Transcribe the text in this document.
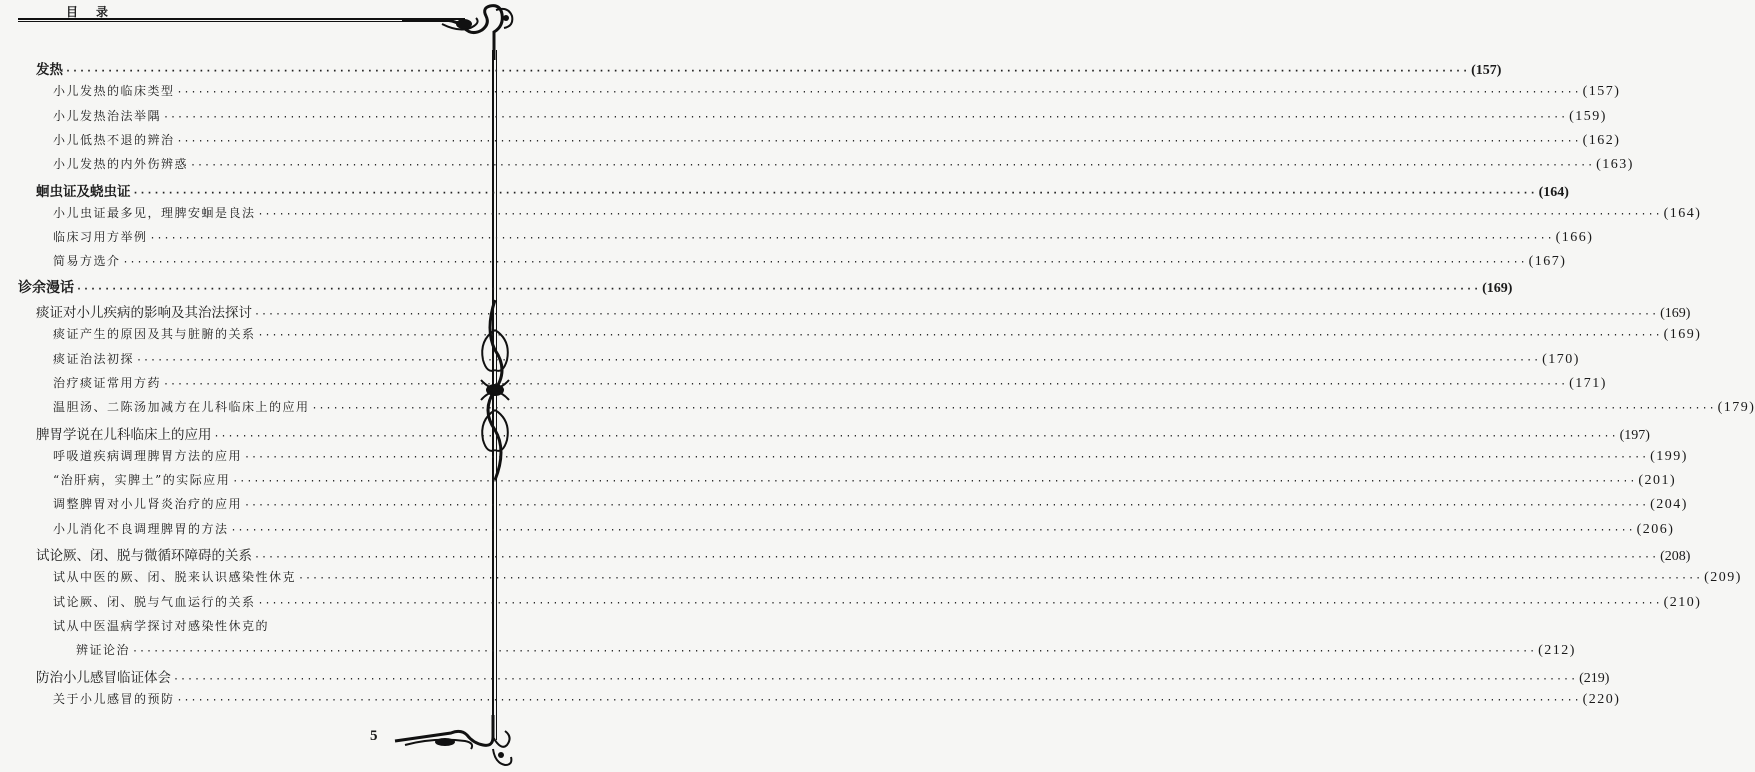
目录
5
发热 ········································································································································································································ (157)
小儿发热的临床类型 ········································································································································································································ (157)
小儿发热治法举隅 ········································································································································································································ (159)
小儿低热不退的辨治 ········································································································································································································ (162)
小儿发热的内外伤辨惑 ········································································································································································································ (163)
蛔虫证及蛲虫证 ········································································································································································································ (164)
小儿虫证最多见，理脾安蛔是良法 ········································································································································································································ (164)
临床习用方举例 ········································································································································································································ (166)
简易方选介 ········································································································································································································ (167)
诊余漫话 ········································································································································································································ (169)
痰证对小儿疾病的影响及其治法探讨 ········································································································································································································ (169)
痰证产生的原因及其与脏腑的关系 ········································································································································································································ (169)
痰证治法初探 ········································································································································································································ (170)
治疗痰证常用方药 ········································································································································································································ (171)
温胆汤、二陈汤加减方在儿科临床上的应用 ········································································································································································································ (179)
脾胃学说在儿科临床上的应用 ········································································································································································································ (197)
呼吸道疾病调理脾胃方法的应用 ········································································································································································································ (199)
“治肝病，实脾土”的实际应用 ········································································································································································································ (201)
调整脾胃对小儿肾炎治疗的应用 ········································································································································································································ (204)
小儿消化不良调理脾胃的方法 ········································································································································································································ (206)
试论厥、闭、脱与微循环障碍的关系 ········································································································································································································ (208)
试从中医的厥、闭、脱来认识感染性休克 ········································································································································································································ (209)
试论厥、闭、脱与气血运行的关系 ········································································································································································································ (210)
试从中医温病学探讨对感染性休克的
辨证论治 ········································································································································································································ (212)
防治小儿感冒临证体会 ········································································································································································································ (219)
关于小儿感冒的预防 ········································································································································································································ (220)
